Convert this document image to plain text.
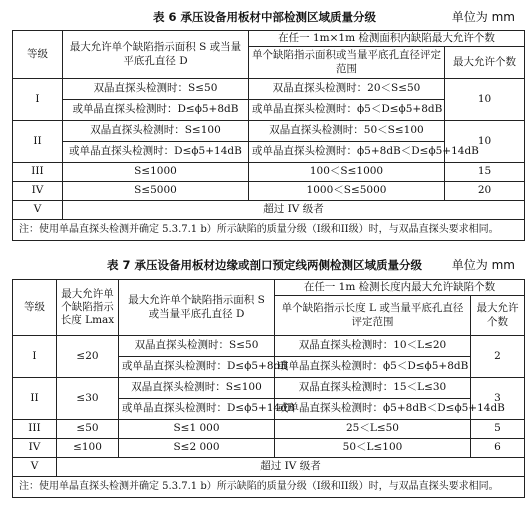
表 6 承压设备用板材中部检测区域质量分级	单位为 mm
等级	最大允许单个缺陷指示面积 S 或当量平底孔直径 D	在任一 1m×1m 检测面积内缺陷最大允许个数	
		单个缺陷指示面积或当量平底孔直径评定范围	最大允许个数
I	双晶直探头检测时：S≤50	双晶直探头检测时：20＜S≤50	10
	或单晶直探头检测时：D≤ϕ5+8dB	或单晶直探头检测时：ϕ5＜D≤ϕ5+8dB	
II	双晶直探头检测时：S≤100	双晶直探头检测时：50＜S≤100	10
	或单晶直探头检测时：D≤ϕ5+14dB	或单晶直探头检测时：ϕ5+8dB＜D≤ϕ5+14dB	
III	S≤1000	100＜S≤1000	15
IV	S≤5000	1000＜S≤5000	20
V	超过 IV 级者		
注：使用单晶直探头检测并确定 5.3.7.1 b）所示缺陷的质量分级（I级和II级）时，与双晶直探头要求相同。			
表 7 承压设备用板材边缘或剖口预定线两侧检测区域质量分级	单位为 mm
等级	最大允许单个缺陷指示长度 Lmax	最大允许单个缺陷指示面积 S 或当量平底孔直径 D	在任一 1m 检测长度内最大允许缺陷个数	
			单个缺陷指示长度 L 或当量平底孔直径评定范围	最大允许个数
I	≤20	双晶直探头检测时：S≤50	双晶直探头检测时：10＜L≤20	2
		或单晶直探头检测时：D≤ϕ5+8dB	或单晶直探头检测时：ϕ5＜D≤ϕ5+8dB	
II	≤30	双晶直探头检测时：S≤100	双晶直探头检测时：15＜L≤30	3
		或单晶直探头检测时：D≤ϕ5+14dB	或单晶直探头检测时：ϕ5+8dB＜D≤ϕ5+14dB	
III	≤50	S≤1 000	25＜L≤50	5
IV	≤100	S≤2 000	50＜L≤100	6
V	超过 IV 级者			
注：使用单晶直探头检测并确定 5.3.7.1 b）所示缺陷的质量分级（I级和II级）时，与双晶直探头要求相同。				
